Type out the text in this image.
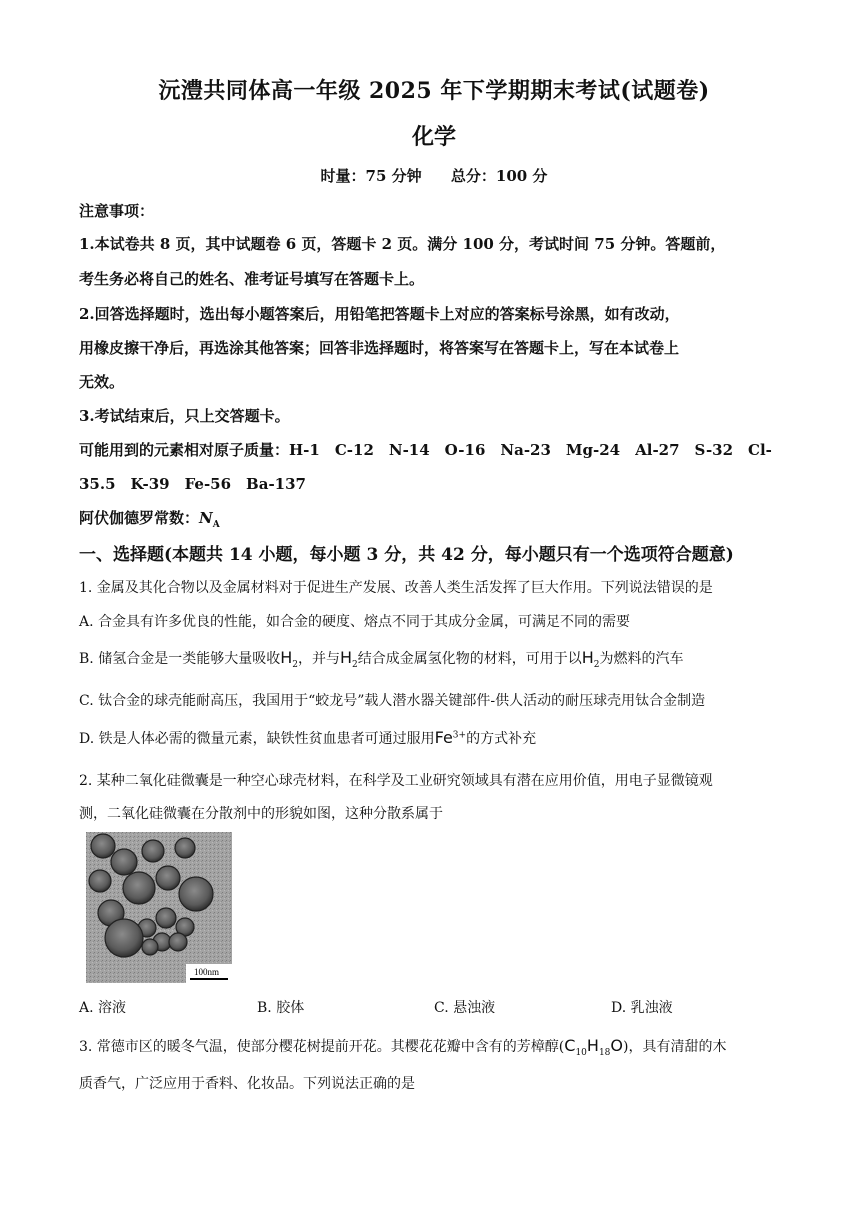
沅澧共同体高一年级 2025 年下学期期末考试(试题卷)
化学
时量：75 分钟 总分：100 分
注意事项：
1.本试卷共 8 页，其中试题卷 6 页，答题卡 2 页。满分 100 分，考试时间 75 分钟。答题前，
考生务必将自己的姓名、准考证号填写在答题卡上。
2.回答选择题时，选出每小题答案后，用铅笔把答题卡上对应的答案标号涂黑，如有改动，
用橡皮擦干净后，再选涂其他答案；回答非选择题时，将答案写在答题卡上，写在本试卷上
无效。
3.考试结束后，只上交答题卡。
可能用到的元素相对原子质量：H-1　C-12　N-14　O-16　Na-23　Mg-24　Al-27　S-32　Cl-
35.5　K-39　Fe-56　Ba-137
阿伏伽德罗常数：$N_A$
一、选择题(本题共 14 小题，每小题 3 分，共 42 分，每小题只有一个选项符合题意)
1. 金属及其化合物以及金属材料对于促进生产发展、改善人类生活发挥了巨大作用。下列说法错误的是
A. 合金具有许多优良的性能，如合金的硬度、熔点不同于其成分金属，可满足不同的需要
B. 储氢合金是一类能够大量吸收$H_2$，并与$H_2$结合成金属氢化物的材料，可用于以$H_2$为燃料的汽车
C. 钛合金的球壳能耐高压，我国用于“蛟龙号”载人潜水器关键部件-供人活动的耐压球壳用钛合金制造
D. 铁是人体必需的微量元素，缺铁性贫血患者可通过服用$Fe^{3+}$的方式补充
2. 某种二氧化硅微囊是一种空心球壳材料，在科学及工业研究领域具有潜在应用价值，用电子显微镜观
测，二氧化硅微囊在分散剂中的形貌如图，这种分散系属于
100nm
A. 溶液	B. 胶体	C. 悬浊液	D. 乳浊液
3. 常德市区的暖冬气温，使部分樱花树提前开花。其樱花花瓣中含有的芳樟醇$(C_{10}H_{18}O)$，具有清甜的木
质香气，广泛应用于香料、化妆品。下列说法正确的是
